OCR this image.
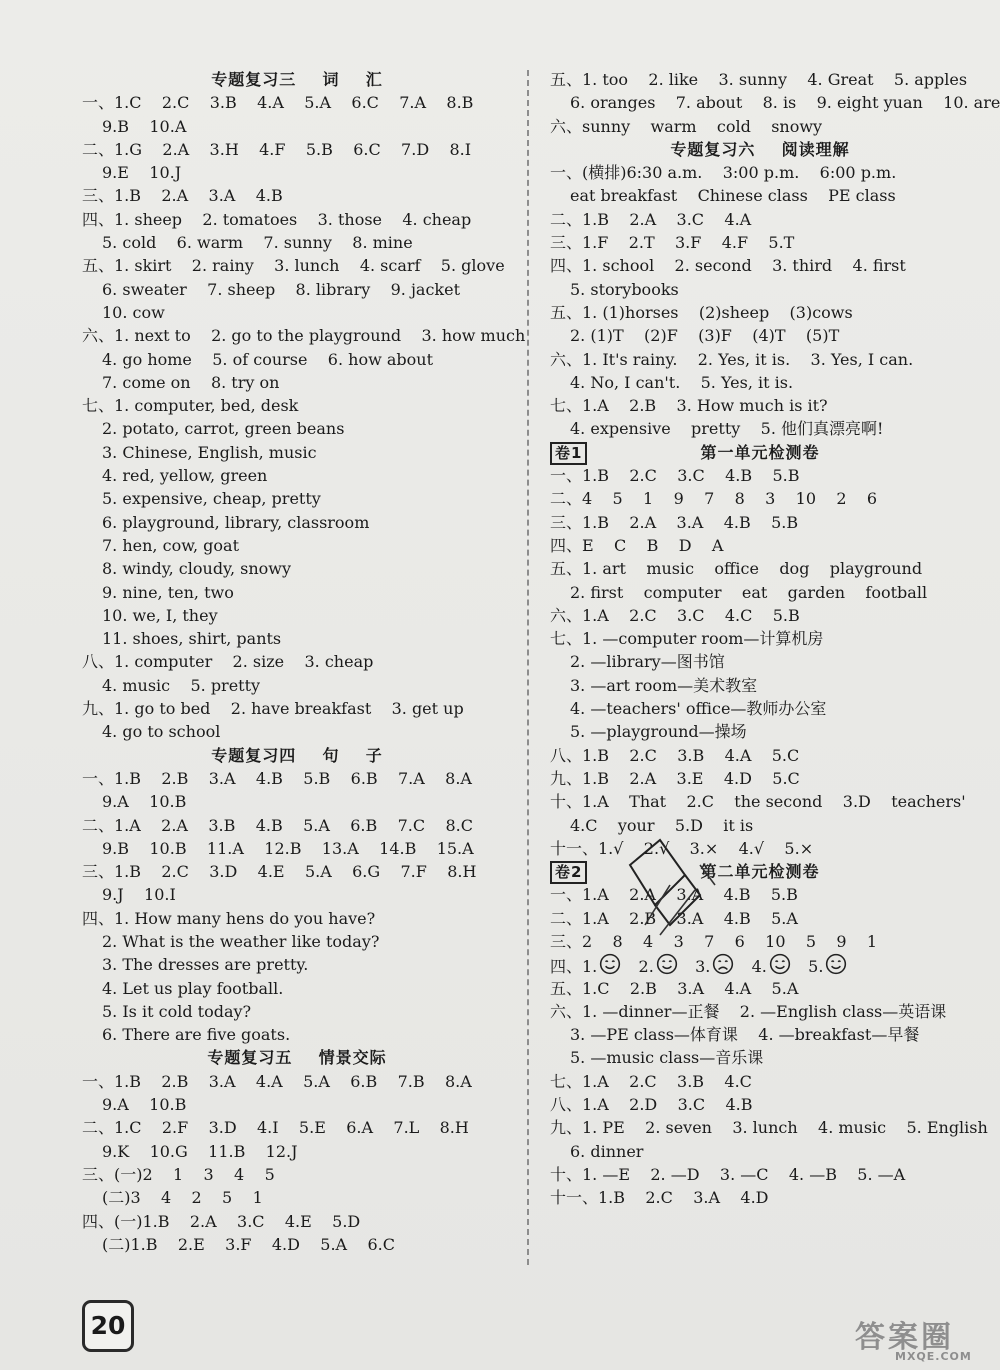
专题复习三    词    汇
一、1.C    2.C    3.B    4.A    5.A    6.C    7.A    8.B
9.B    10.A
二、1.G    2.A    3.H    4.F    5.B    6.C    7.D    8.I
9.E    10.J
三、1.B    2.A    3.A    4.B
四、1. sheep    2. tomatoes    3. those    4. cheap
5. cold    6. warm    7. sunny    8. mine
五、1. skirt    2. rainy    3. lunch    4. scarf    5. glove
6. sweater    7. sheep    8. library    9. jacket
10. cow
六、1. next to    2. go to the playground    3. how much
4. go home    5. of course    6. how about
7. come on    8. try on
七、1. computer, bed, desk
2. potato, carrot, green beans
3. Chinese, English, music
4. red, yellow, green
5. expensive, cheap, pretty
6. playground, library, classroom
7. hen, cow, goat
8. windy, cloudy, snowy
9. nine, ten, two
10. we, I, they
11. shoes, shirt, pants
八、1. computer    2. size    3. cheap
4. music    5. pretty
九、1. go to bed    2. have breakfast    3. get up
4. go to school
专题复习四    句    子
一、1.B    2.B    3.A    4.B    5.B    6.B    7.A    8.A
9.A    10.B
二、1.A    2.A    3.B    4.B    5.A    6.B    7.C    8.C
9.B    10.B    11.A    12.B    13.A    14.B    15.A
三、1.B    2.C    3.D    4.E    5.A    6.G    7.F    8.H
9.J    10.I
四、1. How many hens do you have?
2. What is the weather like today?
3. The dresses are pretty.
4. Let us play football.
5. Is it cold today?
6. There are five goats.
专题复习五    情景交际
一、1.B    2.B    3.A    4.A    5.A    6.B    7.B    8.A
9.A    10.B
二、1.C    2.F    3.D    4.I    5.E    6.A    7.L    8.H
9.K    10.G    11.B    12.J
三、(一)2    1    3    4    5
(二)3    4    2    5    1
四、(一)1.B    2.A    3.C    4.E    5.D
(二)1.B    2.E    3.F    4.D    5.A    6.C
五、1. too    2. like    3. sunny    4. Great    5. apples
6. oranges    7. about    8. is    9. eight yuan    10. are
六、sunny    warm    cold    snowy
专题复习六    阅读理解
一、(横排)6:30 a.m.    3:00 p.m.    6:00 p.m.
eat breakfast    Chinese class    PE class
二、1.B    2.A    3.C    4.A
三、1.F    2.T    3.F    4.F    5.T
四、1. school    2. second    3. third    4. first
5. storybooks
五、1. (1)horses    (2)sheep    (3)cows
2. (1)T    (2)F    (3)F    (4)T    (5)T
六、1. It's rainy.    2. Yes, it is.    3. Yes, I can.
4. No, I can't.    5. Yes, it is.
七、1.A    2.B    3. How much is it?
4. expensive    pretty    5. 他们真漂亮啊!
卷1	第一单元检测卷
一、1.B    2.C    3.C    4.B    5.B
二、4    5    1    9    7    8    3    10    2    6
三、1.B    2.A    3.A    4.B    5.B
四、E    C    B    D    A
五、1. art    music    office    dog    playground
2. first    computer    eat    garden    football
六、1.A    2.C    3.C    4.C    5.B
七、1. —computer room—计算机房
2. —library—图书馆
3. —art room—美术教室
4. —teachers' office—教师办公室
5. —playground—操场
八、1.B    2.C    3.B    4.A    5.C
九、1.B    2.A    3.E    4.D    5.C
十、1.A    That    2.C    the second    3.D    teachers'
4.C    your    5.D    it is
十一、1.√    2.√    3.×    4.√    5.×
卷2	第二单元检测卷
一、1.A    2.A    3.A    4.B    5.B
二、1.A    2.B    3.A    4.B    5.A
三、2    8    4    3    7    6    10    5    9    1
四、1.   2.   3.   4.   5.
五、1.C    2.B    3.A    4.A    5.A
六、1. —dinner—正餐    2. —English class—英语课
3. —PE class—体育课    4. —breakfast—早餐
5. —music class—音乐课
七、1.A    2.C    3.B    4.C
八、1.A    2.D    3.C    4.B
九、1. PE    2. seven    3. lunch    4. music    5. English
6. dinner
十、1. —E    2. —D    3. —C    4. —B    5. —A
十一、1.B    2.C    3.A    4.D
20	答案圈
MXQE.COM
